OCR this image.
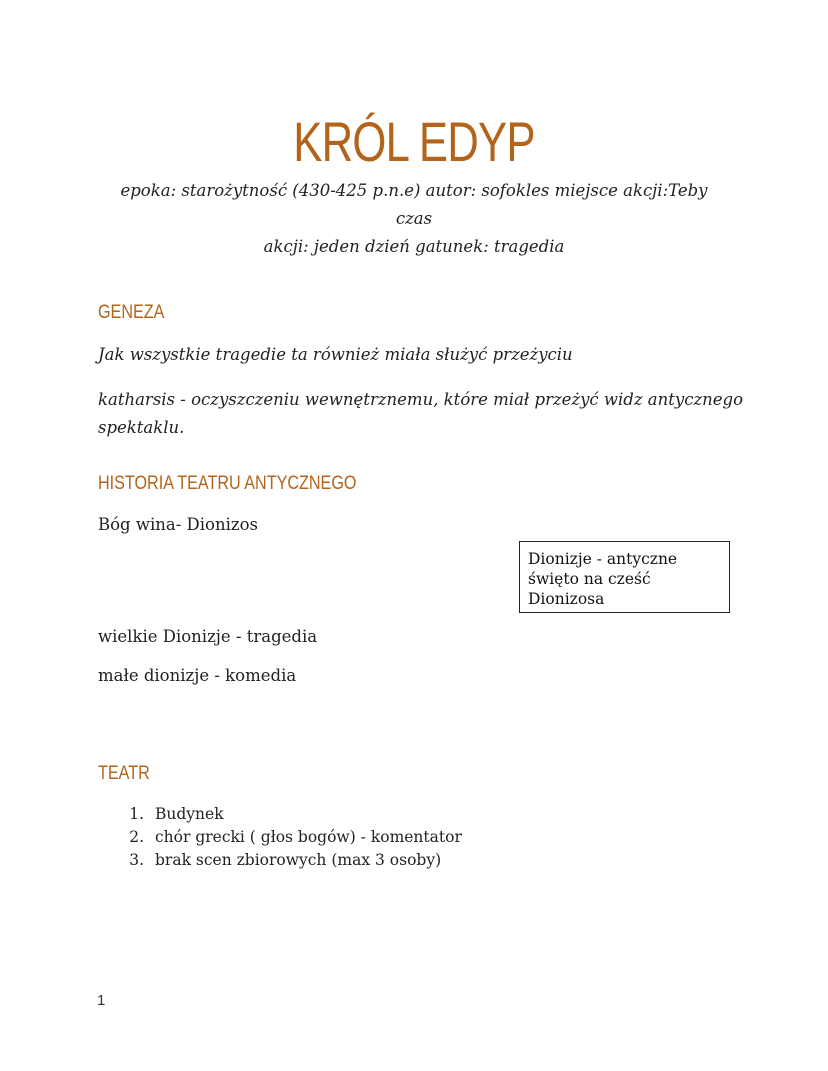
KRÓL EDYP
epoka: starożytność (430-425 p.n.e) autor: sofokles miejsce akcji:Teby czas
akcji: jeden dzień gatunek: tragedia
GENEZA
Jak wszystkie tragedie ta również miała służyć przeżyciu
katharsis - oczyszczeniu wewnętrznemu, które miał przeżyć widz antycznego
spektaklu.
HISTORIA TEATRU ANTYCZNEGO
Bóg wina- Dionizos
Dionizje - antyczne
święto na cześć
Dionizosa
wielkie Dionizje - tragedia
małe dionizje - komedia
TEATR
1. Budynek
2. chór grecki ( głos bogów) - komentator
3. brak scen zbiorowych (max 3 osoby)
1
